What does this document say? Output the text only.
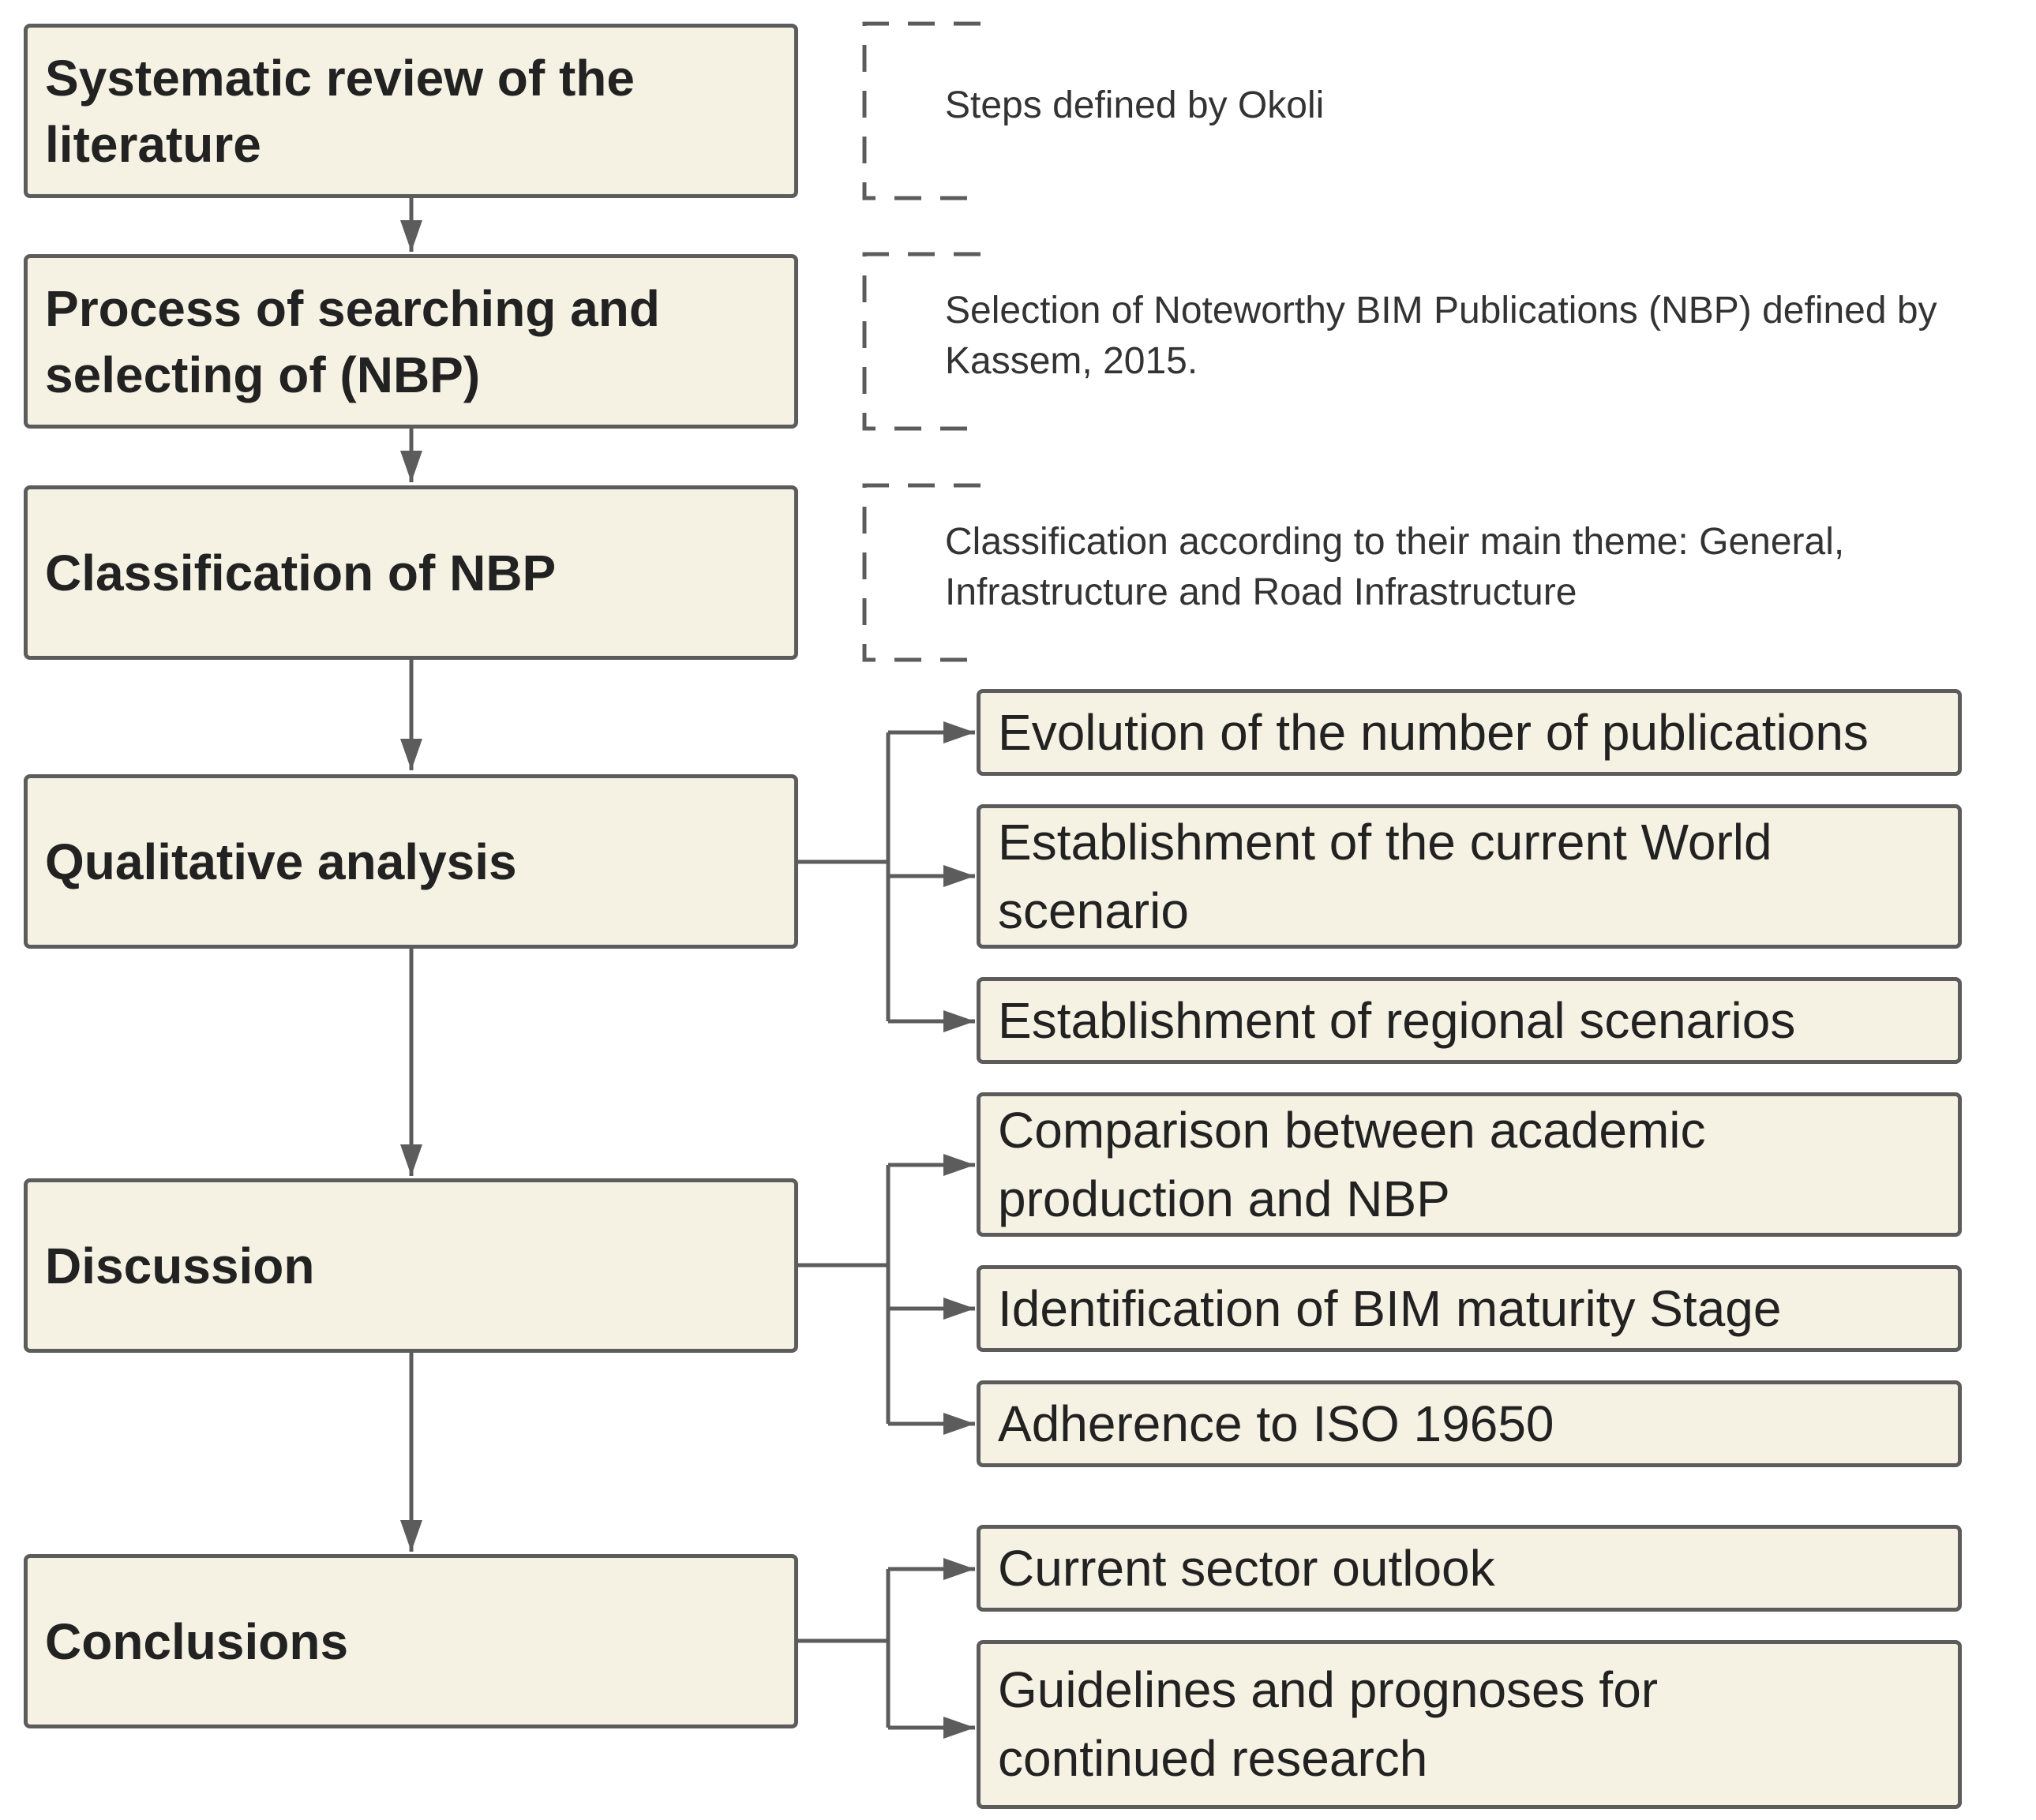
Systematic review of the literature
Process of searching and selecting of (NBP)
Classification of NBP
Qualitative analysis
Discussion
Conclusions
Steps defined by Okoli
Selection of Noteworthy BIM Publications (NBP) defined by
Kassem, 2015.
Classification according to their main theme: General,
Infrastructure and Road Infrastructure
Evolution of the number of publications
Establishment of the current World scenario
Establishment of regional scenarios
Comparison between academic production and NBP
Identification of BIM maturity Stage
Adherence to ISO 19650
Current sector outlook
Guidelines and prognoses for continued research
